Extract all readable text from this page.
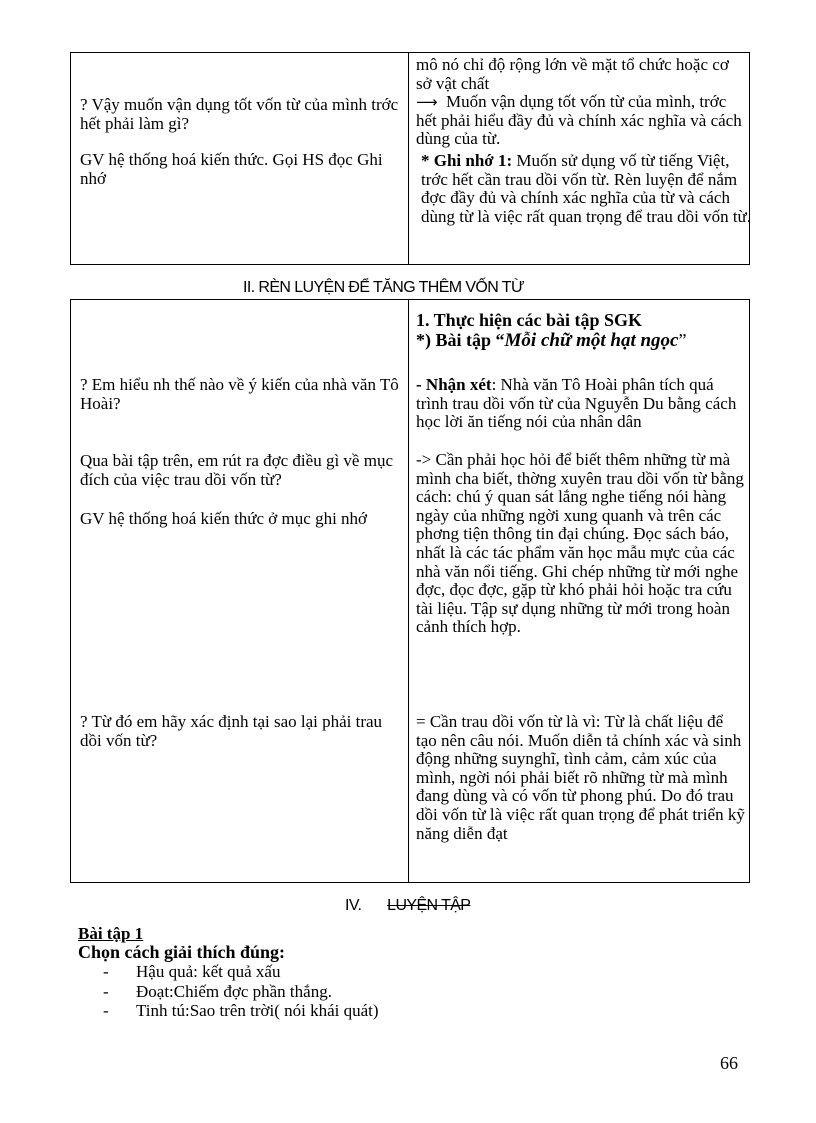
? Vậy muốn vận dụng tốt vốn từ của mình trớc hết phải làm gì?

GV hệ thống hoá kiến thức. Gọi HS đọc Ghi nhớ

mô nó chỉ độ rộng lớn về mặt tổ chức hoặc cơ sở vật chất

⟶ Muốn vận dụng tốt vốn từ của mình, trớc hết phải hiểu đầy đủ và chính xác nghĩa và cách dùng của từ.

* Ghi nhớ 1: Muốn sử dụng vố từ tiếng Việt, trớc hết cần trau dồi vốn từ. Rèn luyện để nắm đợc đầy đủ và chính xác nghĩa của từ và cách dùng từ là việc rất quan trọng để trau dồi vốn từ.

II. RÈN LUYỆN ĐỂ TĂNG THÊM VỐN TỪ

? Em hiểu nh thế nào về ý kiến của nhà văn Tô Hoài?

Qua bài tập trên, em rút ra đợc điều gì về mục đích của việc trau dồi vốn từ?

GV hệ thống hoá kiến thức ở mục ghi nhớ

? Từ đó em hãy xác định tại sao lại phải trau dồi vốn từ?

1. Thực hiện các bài tập SGK

*) Bài tập “Mỗi chữ một hạt ngọc”

- Nhận xét: Nhà văn Tô Hoài phân tích quá trình trau dồi vốn từ của Nguyễn Du bằng cách học lời ăn tiếng nói của nhân dân

-> Cần phải học hỏi để biết thêm những từ mà mình cha biết, thờng xuyên trau dồi vốn từ bằng cách: chú ý quan sát lắng nghe tiếng nói hàng ngày của những ngời xung quanh và trên các phơng tiện thông tin đại chúng. Đọc sách báo, nhất là các tác phẩm văn học mẫu mực của các nhà văn nổi tiếng. Ghi chép những từ mới nghe đợc, đọc đợc, gặp từ khó phải hỏi hoặc tra cứu tài liệu. Tập sự dụng những từ mới trong hoàn cảnh thích hợp.

= Cần trau dồi vốn từ là vì: Từ là chất liệu để tạo nên câu nói. Muốn diễn tả chính xác và sinh động những suynghĩ, tình cảm, cảm xúc của mình, ngời nói phải biết rõ những từ mà mình đang dùng và có vốn từ phong phú. Do đó trau dồi vốn từ là việc rất quan trọng để phát triển kỹ năng diễn đạt

IV. LUYỆN TẬP
Bài tập 1
Chọn cách giải thích đúng:
- Hậu quả: kết quả xấu
- Đoạt:Chiếm đợc phần thắng.
- Tinh tú:Sao trên trời( nói khái quát)
66
